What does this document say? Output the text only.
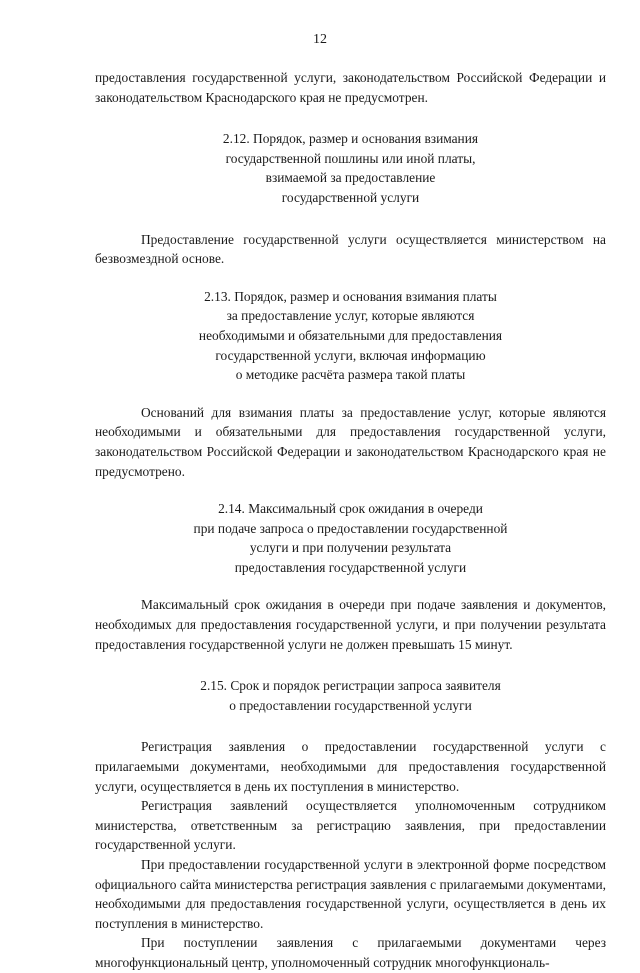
12

предоставления государственной услуги, законодательством Российской Федерации и законодательством Краснодарского края не предусмотрен.

2.12. Порядок, размер и основания взимания
государственной пошлины или иной платы,
взимаемой за предоставление
государственной услуги

Предоставление государственной услуги осуществляется министерством на безвозмездной основе.

2.13. Порядок, размер и основания взимания платы
за предоставление услуг, которые являются
необходимыми и обязательными для предоставления
государственной услуги, включая информацию
о методике расчёта размера такой платы

Оснований для взимания платы за предоставление услуг, которые являются необходимыми и обязательными для предоставления государственной услуги, законодательством Российской Федерации и законодательством Краснодарского края не предусмотрено.

2.14. Максимальный срок ожидания в очереди
при подаче запроса о предоставлении государственной
услуги и при получении результата
предоставления государственной услуги

Максимальный срок ожидания в очереди при подаче заявления и документов, необходимых для предоставления государственной услуги, и при получении результата предоставления государственной услуги не должен превышать 15 минут.

2.15. Срок и порядок регистрации запроса заявителя
о предоставлении государственной услуги

Регистрация заявления о предоставлении государственной услуги с прилагаемыми документами, необходимыми для предоставления государственной услуги, осуществляется в день их поступления в министерство.

Регистрация заявлений осуществляется уполномоченным сотрудником министерства, ответственным за регистрацию заявления, при предоставлении государственной услуги.

При предоставлении государственной услуги в электронной форме посредством официального сайта министерства регистрация заявления с прилагаемыми документами, необходимыми для предоставления государственной услуги, осуществляется в день их поступления в министерство.

При поступлении заявления с прилагаемыми документами через многофункциональный центр, уполномоченный сотрудник многофункциональ-
